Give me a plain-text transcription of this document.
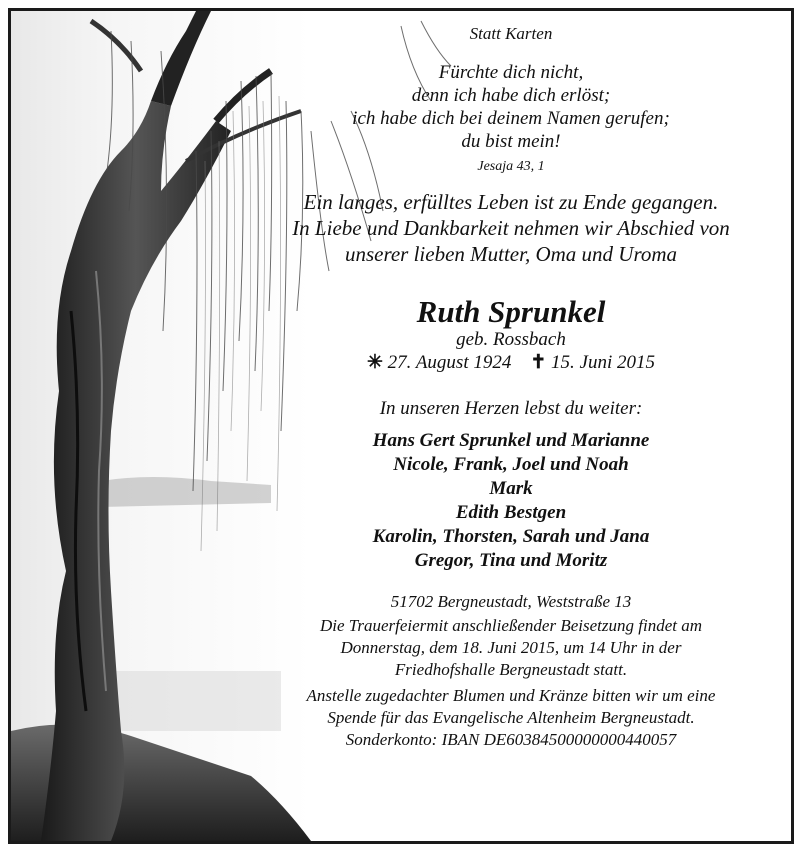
Statt Karten
Fürchte dich nicht,
denn ich habe dich erlöst;
ich habe dich bei deinem Namen gerufen;
du bist mein!
Jesaja 43, 1
Ein langes, erfülltes Leben ist zu Ende gegangen.
In Liebe und Dankbarkeit nehmen wir Abschied von
unserer lieben Mutter, Oma und Uroma
Ruth Sprunkel
geb. Rossbach
✳ 27. August 1924 ✝ 15. Juni 2015
In unseren Herzen lebst du weiter:
Hans Gert Sprunkel und Marianne
Nicole, Frank, Joel und Noah
Mark
Edith Bestgen
Karolin, Thorsten, Sarah und Jana
Gregor, Tina und Moritz
51702 Bergneustadt, Weststraße 13
Die Trauerfeiermit anschließender Beisetzung findet am
Donnerstag, dem 18. Juni 2015, um 14 Uhr in der
Friedhofshalle Bergneustadt statt.
Anstelle zugedachter Blumen und Kränze bitten wir um eine
Spende für das Evangelische Altenheim Bergneustadt.
Sonderkonto: IBAN DE60384500000000440057
